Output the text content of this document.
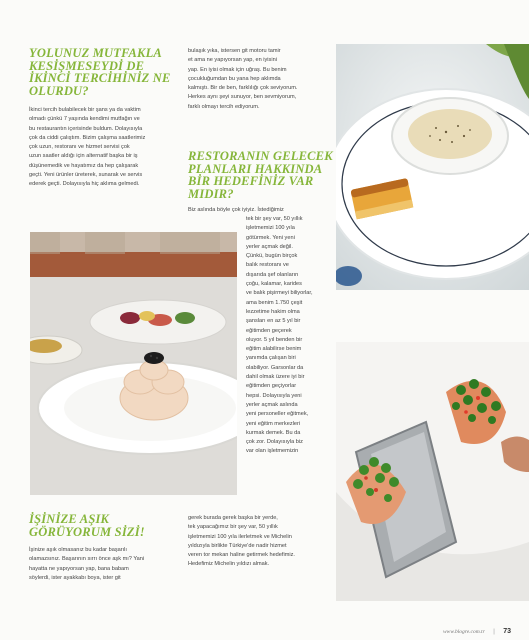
YOLUNUZ MUTFAKLA
KESİŞMESEYDİ DE
İKİNCİ TERCİHİNİZ NE
OLURDU?

İkinci tercih bulabilecek bir şans ya da vaktim
olmadı çünkü 7 yaşında kendimi mutfağın ve
bu restaurantın içerisinde buldum. Dolayısıyla
çok da ciddi çalıştım. Bizim çalışma saatlerimiz
çok uzun, restoranı ve hizmet servisi çok
uzun saatler aldığı için alternatif başka bir iş
düşünemedik ve hayatımız da hep çalışarak
geçti. Yeni ürünler üreterek, sunarak ve servis
ederek geçti. Dolayısıyla hiç aklıma gelmedi.

bulaşık yıka, istersen git motoru tamir
et ama ne yapıyorsan yap, en iyisini
yap. En iyisi olmak için uğraş. Bu benim
çocukluğumdan bu yana hep aklımda
kalmıştı. Bir de ben, farklılığı çok seviyorum.
Herkes aynı şeyi sunuyor, ben sevmiyorum,
farklı olmayı tercih ediyorum.

RESTORANIN GELECEK
PLANLARI HAKKINDA
BİR HEDEFİNİZ VAR
MIDIR?

Biz aslında böyle çok iyiyiz. İstediğimiz

tek bir şey var, 50 yıllık
işletmemizi 100 yıla
götürmek. Yeni yeni
yerler açmak değil.
Çünkü, bugün birçok
balık restoranı ve
dışarıda şef olanların
çoğu, kalamar, karides
ve balık pişirmeyi biliyorlar,
ama benim 1.750 çeşit
lezzetime hakim olma
şansları en az 5 yıl bir
eğitimden geçerek
oluyor. 5 yıl benden bir
eğitim alabilirse benim
yanımda çalışan biri
olabiliyor. Garsonlar da
dahil olmak üzere iyi bir
eğitimden geçiyorlar
hepsi. Dolayısıyla yeni
yerler açmak aslında
yeni personeller eğitmek,
yeni eğitim merkezleri
kurmak demek. Bu da
çok zor. Dolayısıyla biz
var olan işletmemizin

gerek burada gerek başka bir yerde,
tek yapacağımız bir şey var, 50 yıllık
işletmemizi 100 yıla ilerletmek ve Michelin
yıldızıyla birlikte Türkiye'de nadir hizmet
veren tor mekan haline getirmek hedefimiz.
Hedefimiz Michelin yıldızı almak.

İŞİNİZE AŞIK
GÖRÜYORUM SİZİ!

İşinize aşık olmasanız bu kadar başarılı
olamazsınız. Başarının sırrı önce aşk mı? Yani
hayatta ne yapıyorsan yap, bana babam
söylerdi, ister ayakkabı boya, ister git

www.blogre.com.tr | 73
